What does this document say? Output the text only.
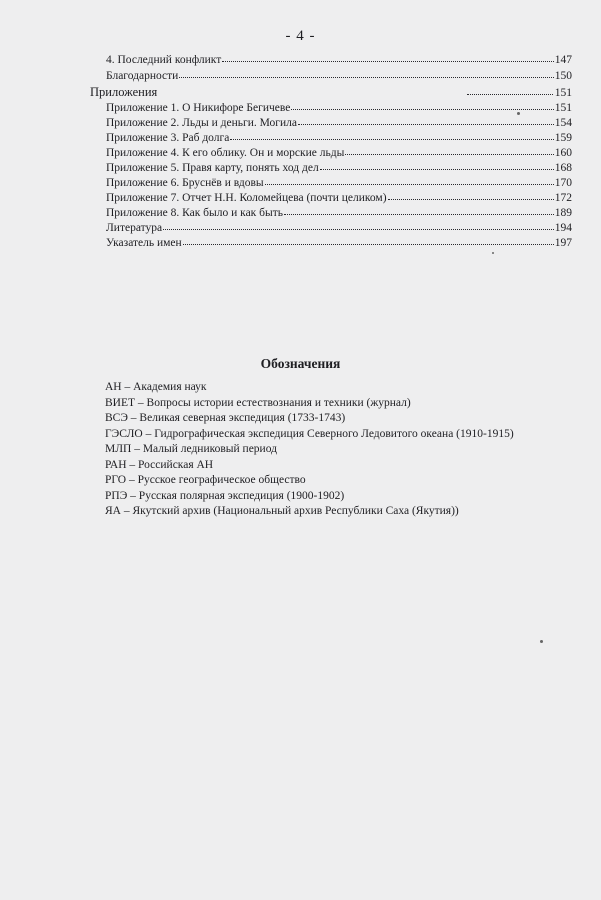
- 4 -
4. Последний конфликт	147
Благодарности	150
Приложения	151
Приложение 1. О Никифоре Бегичеве	151
Приложение 2. Льды и деньги. Могила	154
Приложение 3. Раб долга	159
Приложение 4. К его облику. Он и морские льды	160
Приложение 5. Правя карту, понять ход дел	168
Приложение 6. Бруснёв и вдовы	170
Приложение 7. Отчет Н.Н. Коломейцева (почти целиком)	172
Приложение 8. Как было и как быть	189
Литература	194
Указатель имен	197
Обозначения
АН – Академия наук
ВИЕТ – Вопросы истории естествознания и техники (журнал)
ВСЭ – Великая северная экспедиция (1733-1743)
ГЭСЛО – Гидрографическая экспедиция Северного Ледовитого океана (1910-1915)
МЛП – Малый ледниковый период
РАН – Российская АН
РГО – Русское географическое общество
РПЭ – Русская полярная экспедиция (1900-1902)
ЯА – Якутский архив (Национальный архив Республики Саха (Якутия))
